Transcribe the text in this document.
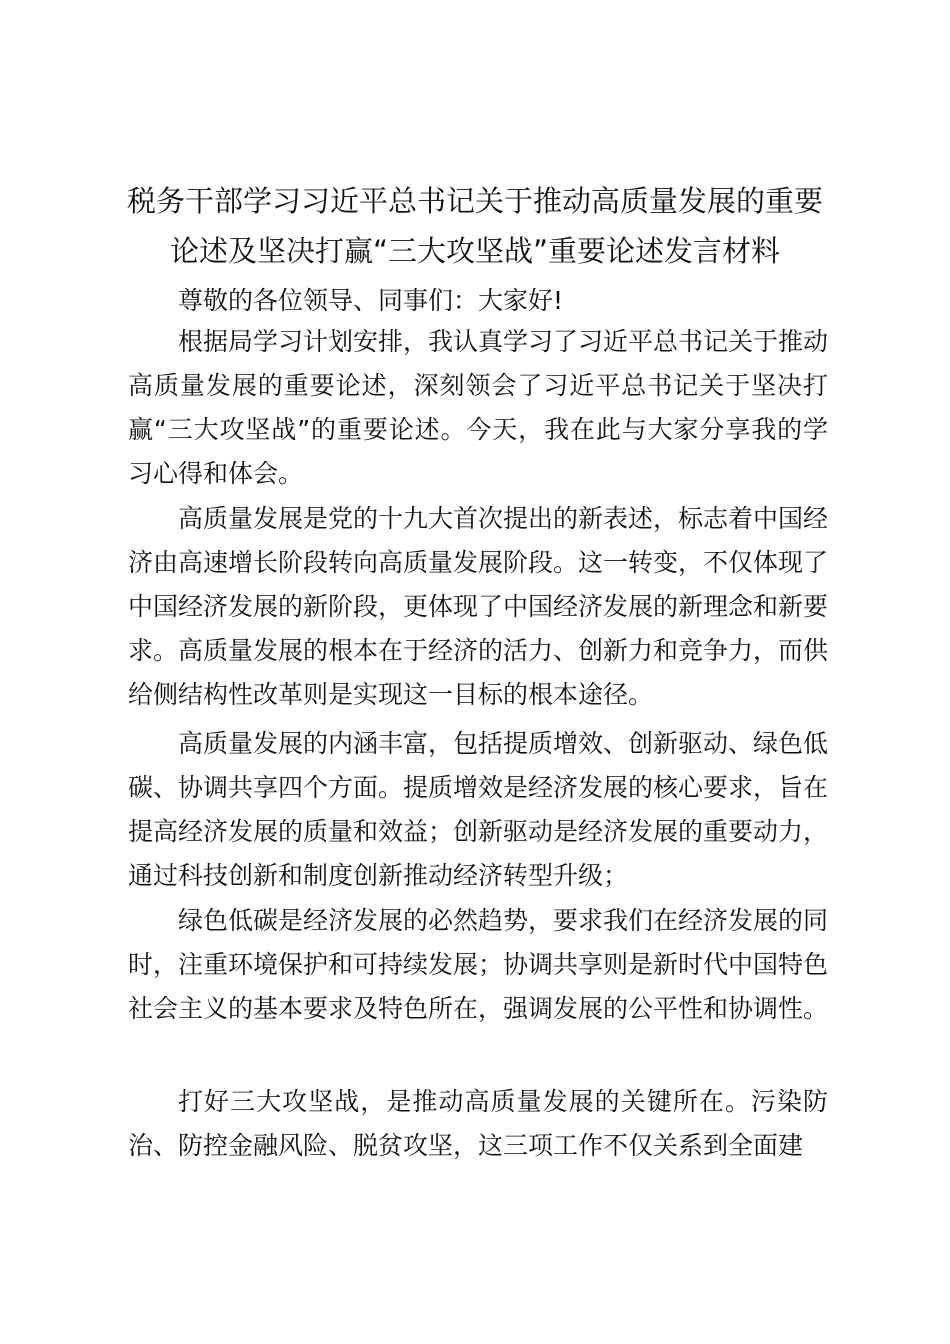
税务干部学习习近平总书记关于推动高质量发展的重要
论述及坚决打赢“三大攻坚战”重要论述发言材料
尊敬的各位领导、同事们：大家好!

根据局学习计划安排，我认真学习了习近平总书记关于推动高质量发展的重要论述，深刻领会了习近平总书记关于坚决打赢“三大攻坚战”的重要论述。今天，我在此与大家分享我的学习心得和体会。

高质量发展是党的十九大首次提出的新表述，标志着中国经济由高速增长阶段转向高质量发展阶段。这一转变，不仅体现了中国经济发展的新阶段，更体现了中国经济发展的新理念和新要求。高质量发展的根本在于经济的活力、创新力和竞争力，而供给侧结构性改革则是实现这一目标的根本途径。

高质量发展的内涵丰富，包括提质增效、创新驱动、绿色低碳、协调共享四个方面。提质增效是经济发展的核心要求，旨在提高经济发展的质量和效益；创新驱动是经济发展的重要动力，通过科技创新和制度创新推动经济转型升级；

绿色低碳是经济发展的必然趋势，要求我们在经济发展的同时，注重环境保护和可持续发展；协调共享则是新时代中国特色社会主义的基本要求及特色所在，强调发展的公平性和协调性。

打好三大攻坚战，是推动高质量发展的关键所在。污染防治、防控金融风险、脱贫攻坚，这三项工作不仅关系到全面建
